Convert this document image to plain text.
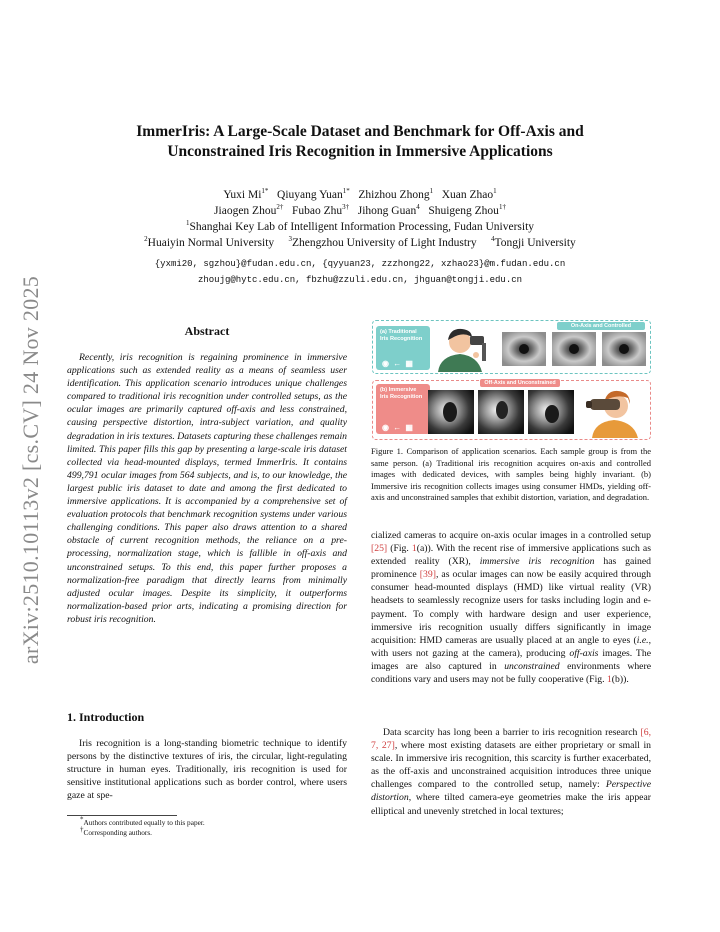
arXiv:2510.10113v2 [cs.CV] 24 Nov 2025
ImmerIris: A Large-Scale Dataset and Benchmark for Off-Axis and
Unconstrained Iris Recognition in Immersive Applications
Yuxi $Mi^{1*}$ Qiuyang Yuan$^{1*}$ Zhizhou Zhong$^1$ Xuan Zhao$^1$
Jiaogen Zhou$^{2\dagger}$ Fubao Zhu$^{3\dagger}$ Jihong Guan$^4$ Shuigeng Zhou$^{1\dagger}$
$^1$Shanghai Key Lab of Intelligent Information Processing, Fudan University
$^2$Huaiyin Normal University $^3$Zhengzhou University of Light Industry $^4$Tongji University
{yxmi20, sgzhou}@fudan.edu.cn, {qyyuan23, zzzhong22, xzhao23}@m.fudan.edu.cn
zhoujg@hytc.edu.cn, fbzhu@zzuli.edu.cn, jhguan@tongji.edu.cn
Abstract
Recently, iris recognition is regaining prominence in immersive applications such as extended reality as a means of seamless user identification. This application scenario introduces unique challenges compared to traditional iris recognition under controlled setups, as the ocular images are primarily captured off-axis and less constrained, causing perspective distortion, intra-subject variation, and quality degradation in iris textures. Datasets capturing these challenges remain limited. This paper fills this gap by presenting a large-scale iris dataset collected via head-mounted displays, termed ImmerIris. It contains 499,791 ocular images from 564 subjects, and is, to our knowledge, the largest public iris dataset to date and among the first dedicated to immersive applications. It is accompanied by a comprehensive set of evaluation protocols that benchmark recognition systems under various challenging conditions. This paper also draws attention to a shared obstacle of current recognition methods, the reliance on a pre-processing, normalization stage, which is fallible in off-axis and unconstrained setups. To this end, this paper further proposes a normalization-free paradigm that directly learns from minimally adjusted ocular images. Despite its simplicity, it outperforms normalization-based prior arts, indicating a promising direction for robust iris recognition.
1. Introduction
Iris recognition is a long-standing biometric technique to identify persons by the distinctive textures of iris, the circular, light-regulating structure in human eyes. Traditionally, iris recognition is used for sensitive institutional applications such as border control, where users gaze at spe-
*Authors contributed equally to this paper.
†Corresponding authors.
(a) Traditional Iris Recognition
◉ ← ▦
(b) Immersive Iris Recognition
◉ ← ▦
On-Axis and Controlled
Off-Axis and Unconstrained
Figure 1. Comparison of application scenarios. Each sample group is from the same person. (a) Traditional iris recognition acquires on-axis and controlled images with dedicated devices, with samples being highly invariant. (b) Immersive iris recognition collects images using consumer HMDs, yielding off-axis and unconstrained samples that exhibit distortion, variation, and degradation.
cialized cameras to acquire on-axis ocular images in a controlled setup [25] (Fig. 1(a)). With the recent rise of immersive applications such as extended reality (XR), immersive iris recognition has gained prominence [39], as ocular images can now be easily acquired through consumer head-mounted displays (HMD) like virtual reality (VR) headsets to seamlessly recognize users for tasks including login and e-payment. To comply with hardware design and user experience, immersive iris recognition usually differs significantly in image acquisition: HMD cameras are usually placed at an angle to eyes (i.e., with users not gazing at the camera), producing off-axis images. The images are also captured in unconstrained environments where conditions vary and users may not be fully cooperative (Fig. 1(b)).
Data scarcity has long been a barrier to iris recognition research [6, 7, 27], where most existing datasets are either proprietary or small in scale. In immersive iris recognition, this scarcity is further exacerbated, as the off-axis and unconstrained acquisition introduces three unique challenges compared to the controlled setup, namely: Perspective distortion, where tilted camera-eye geometries make the iris appear elliptical and unevenly stretched in local textures;
